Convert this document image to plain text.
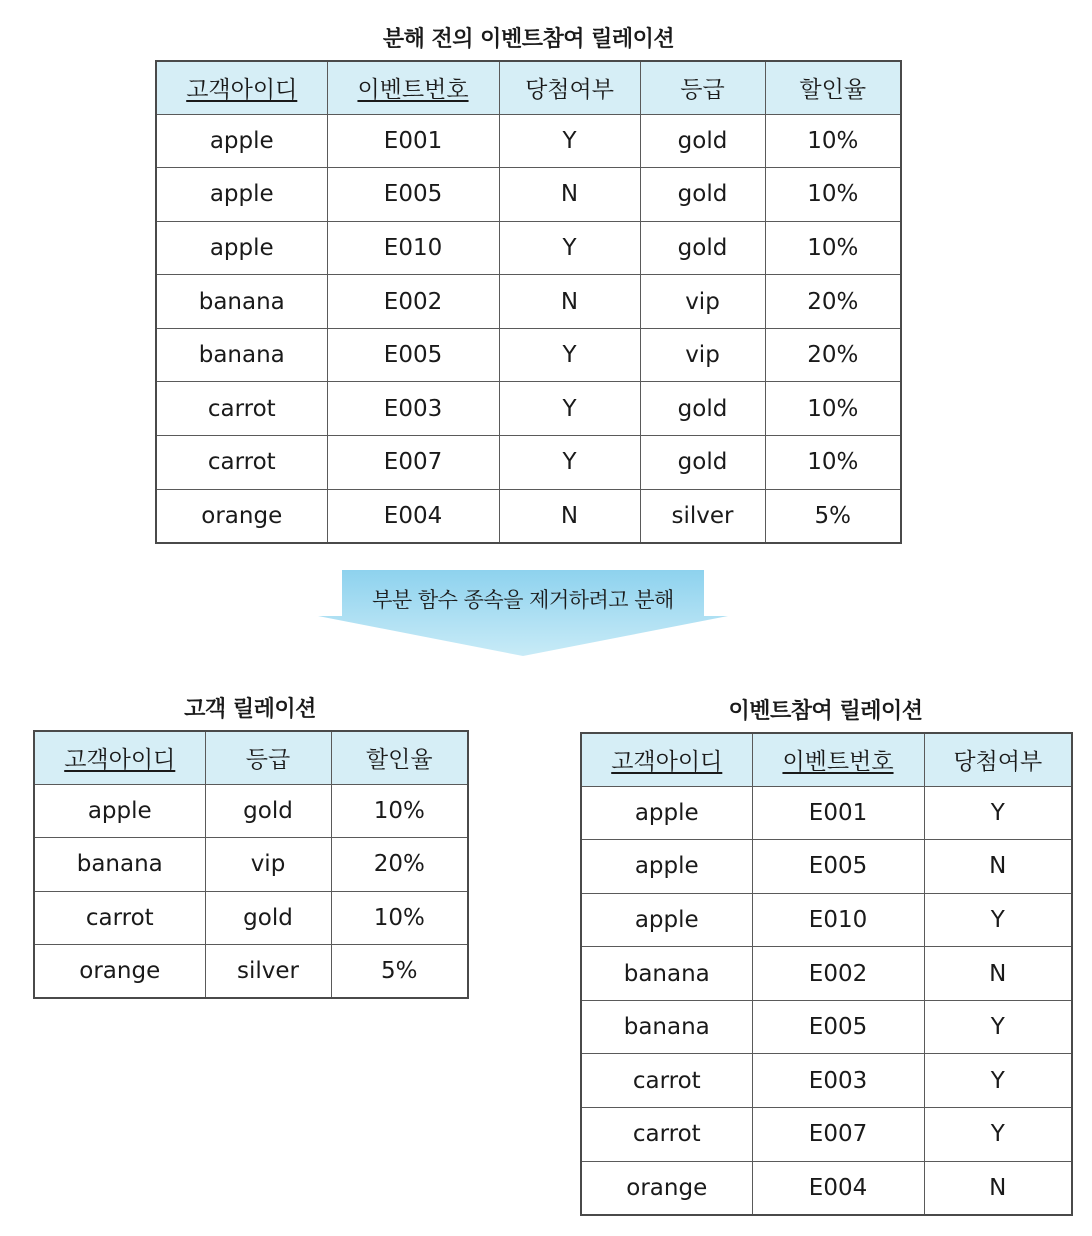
분해 전의 이벤트참여 릴레이션
고객아이디	이벤트번호	당첨여부	등급	할인율
apple	E001	Y	gold	10%
apple	E005	N	gold	10%
apple	E010	Y	gold	10%
banana	E002	N	vip	20%
banana	E005	Y	vip	20%
carrot	E003	Y	gold	10%
carrot	E007	Y	gold	10%
orange	E004	N	silver	5%
부분 함수 종속을 제거하려고 분해
고객 릴레이션
고객아이디	등급	할인율
apple	gold	10%
banana	vip	20%
carrot	gold	10%
orange	silver	5%
이벤트참여 릴레이션
고객아이디	이벤트번호	당첨여부
apple	E001	Y
apple	E005	N
apple	E010	Y
banana	E002	N
banana	E005	Y
carrot	E003	Y
carrot	E007	Y
orange	E004	N
